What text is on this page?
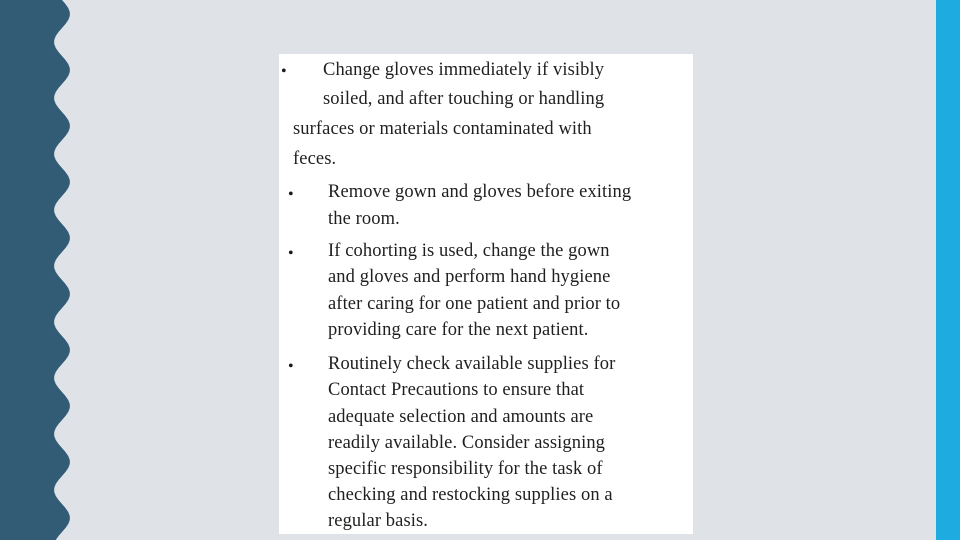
• Change gloves immediately if visibly
soiled, and after touching or handling
surfaces or materials contaminated with
feces.
• Remove gown and gloves before exiting
the room.
• If cohorting is used, change the gown
and gloves and perform hand hygiene
after caring for one patient and prior to
providing care for the next patient.
• Routinely check available supplies for
Contact Precautions to ensure that
adequate selection and amounts are
readily available. Consider assigning
specific responsibility for the task of
checking and restocking supplies on a
regular basis.
